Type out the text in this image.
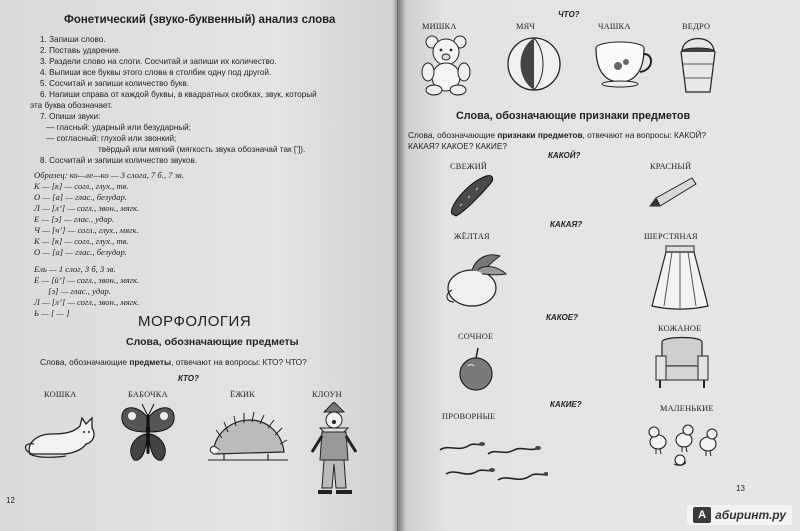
Фонетический (звуко-буквенный) анализ слова
1. Запиши слово.
2. Поставь ударение.
3. Раздели слово на слоги. Сосчитай и запиши их количество.
4. Выпиши все буквы этого слова в столбик одну под другой.
5. Сосчитай и запиши количество букв.
6. Напиши справа от каждой буквы, в квадратных скобках, звук, который
эта буква обозначает.
7. Опиши звуки:
— гласный: ударный или безударный;
— согласный: глухой или звонкий;
твёрдый или мягкий (мягкость звука обозначай так [’]).
8. Сосчитай и запиши количество звуков.
Образец: ко—ле—ко — 3 слога, 7 б., 7 зв.
К — [к] — согл., глух., тв.
О — [а] — глас., безудар.
Л — [л’] — согл., звон., мягк.
Е — [э] — глас., удар.
Ч — [ч’] — согл., глух., мягк.
К — [к] — согл., глух., тв.
О — [а] — глас., безудар.
Ель — 1 слог, 3 б, 3 зв.
Е — [й’] — согл., звон., мягк.
[э] — глас., удар.
Л — [л’] — согл., звон., мягк.
Ь — [ — ]	МОРФОЛОГИЯ
Слова, обозначающие предметы
Слова, обозначающие предметы, отвечают на вопросы: КТО? ЧТО?
КТО?
КОШКА	БАБОЧКА	ЁЖИК	КЛОУН
12
ЧТО?
МИШКА	МЯЧ	ЧАШКА	ВЕДРО
Слова, обозначающие признаки предметов
Слова, обозначающие признаки предметов, отвечают на вопросы: КАКОЙ?
КАКАЯ? КАКОЕ? КАКИЕ?
КАКОЙ?
СВЕЖИЙ	КРАСНЫЙ
КАКАЯ?
ЖЁЛТАЯ	ШЕРСТЯНАЯ
КАКОЕ?
СОЧНОЕ
КОЖАНОЕ
КАКИЕ?
ПРОВОРНЫЕ
МАЛЕНЬКИЕ
13
А абиринт.ру
